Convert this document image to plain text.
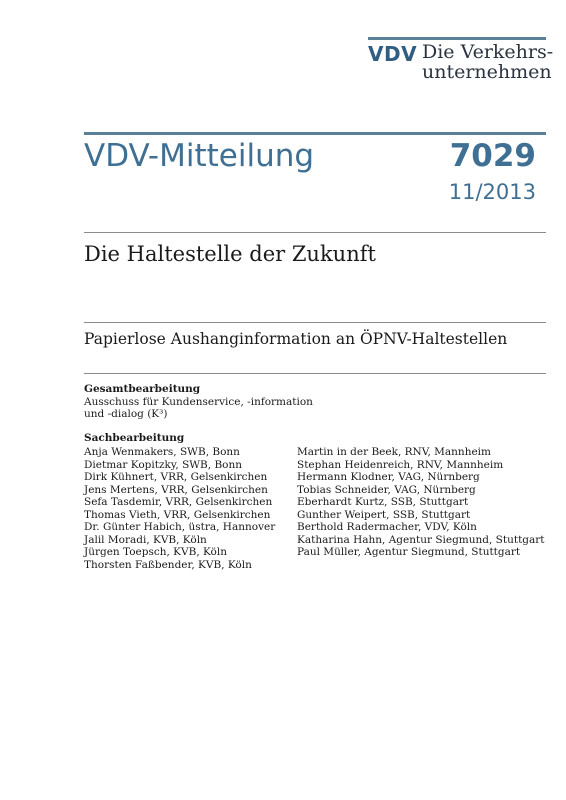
VDV Die Verkehrs-
unternehmen
VDV-Mitteilung	7029
11/2013
Die Haltestelle der Zukunft
Papierlose Aushanginformation an ÖPNV-Haltestellen
Gesamtbearbeitung
Ausschuss für Kundenservice, -information
und -dialog (K³)
Sachbearbeitung
Anja Wenmakers, SWB, Bonn
Dietmar Kopitzky, SWB, Bonn
Dirk Kühnert, VRR, Gelsenkirchen
Jens Mertens, VRR, Gelsenkirchen
Sefa Tasdemir, VRR, Gelsenkirchen
Thomas Vieth, VRR, Gelsenkirchen
Dr. Günter Habich, üstra, Hannover
Jalil Moradi, KVB, Köln
Jürgen Toepsch, KVB, Köln
Thorsten Faßbender, KVB, Köln
Martin in der Beek, RNV, Mannheim
Stephan Heidenreich, RNV, Mannheim
Hermann Klodner, VAG, Nürnberg
Tobias Schneider, VAG, Nürnberg
Eberhardt Kurtz, SSB, Stuttgart
Gunther Weipert, SSB, Stuttgart
Berthold Radermacher, VDV, Köln
Katharina Hahn, Agentur Siegmund, Stuttgart
Paul Müller, Agentur Siegmund, Stuttgart
